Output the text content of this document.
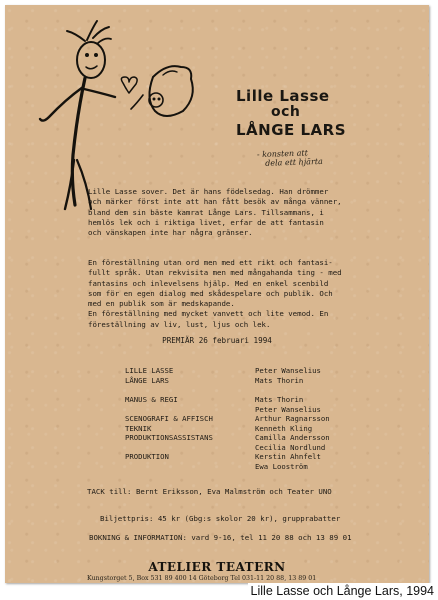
Lille Lasse
och
LÅNGE LARS
- konsten att
dela ett hjärta

Lille Lasse sover. Det är hans födelsedag. Han drömmer
och märker först inte att han fått besök av många vänner,
bland dem sin bäste kamrat Långe Lars. Tillsammans, i
hemlös lek och i riktiga livet, erfar de att fantasin
och vänskapen inte har några gränser.

En föreställning utan ord men med ett rikt och fantasi-
fullt språk. Utan rekvisita men med mångahanda ting - med
fantasins och inlevelsens hjälp. Med en enkel scenbild
som för en egen dialog med skådespelare och publik. Och
med en publik som är medskapande.
En föreställning med mycket vanvett och lite vemod. En
föreställning av liv, lust, ljus och lek.

PREMIÄR 26 februari 1994
LILLE LASSE	Peter Wanselius
LÅNGE LARS	Mats Thorin
MANUS & REGI	Mats Thorin
Peter Wanselius
SCENOGRAFI & AFFISCH	Arthur Ragnarsson
TEKNIK	Kenneth Kling
PRODUKTIONSASSISTANS	Camilla Andersson
Cecilia Nordlund
PRODUKTION	Kerstin Ahnfelt
Ewa Looström
TACK till: Bernt Eriksson, Eva Malmström och Teater UNO
Biljettpris: 45 kr (Gbg:s skolor 20 kr), grupprabatter
BOKNING & INFORMATION: vard 9-16, tel 11 20 88 och 13 89 01
ATELIER TEATERN
Kungstorget 5, Box 531 89 400 14 Göteborg Tel 031-11 20 88, 13 89 01
Lille Lasse och Långe Lars, 1994
